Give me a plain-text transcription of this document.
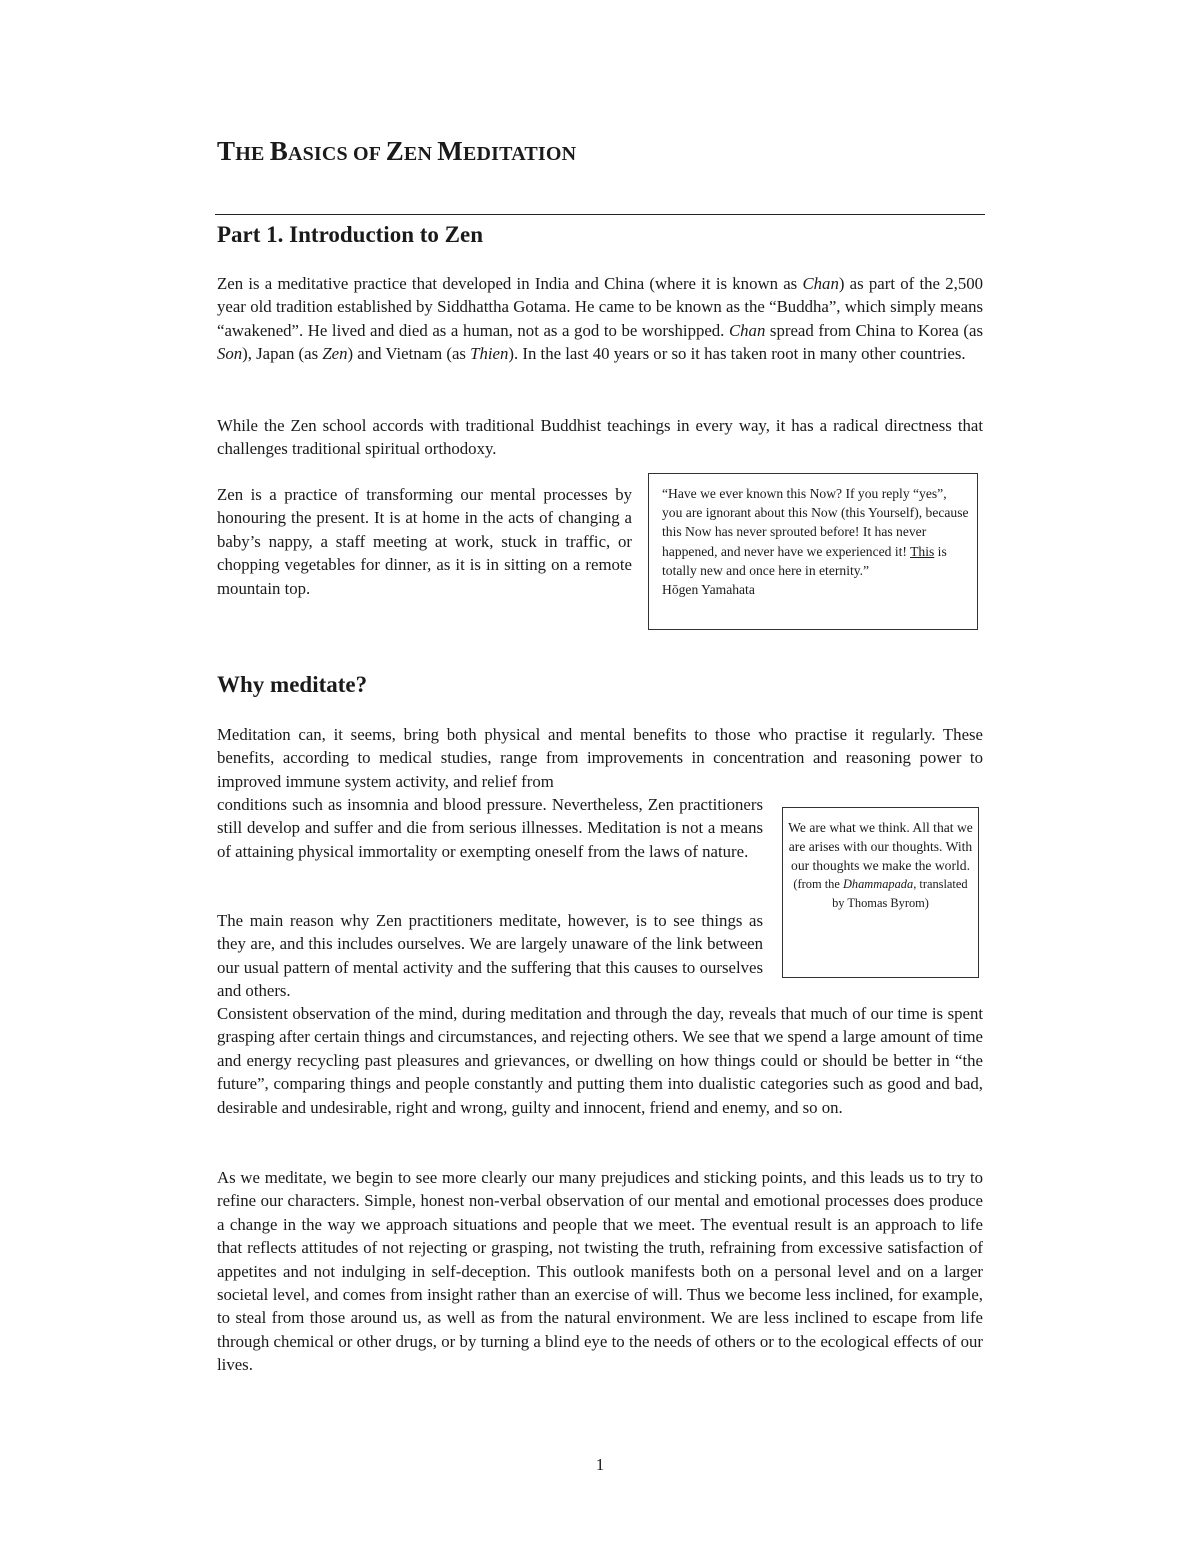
THE BASICS OF ZEN MEDITATION
Part 1. Introduction to Zen

Zen is a meditative practice that developed in India and China (where it is known as Chan) as part of the 2,500 year old tradition established by Siddhattha Gotama. He came to be known as the “Buddha”, which simply means “awakened”. He lived and died as a human, not as a god to be worshipped. Chan spread from China to Korea (as Son), Japan (as Zen) and Vietnam (as Thien). In the last 40 years or so it has taken root in many other countries.

While the Zen school accords with traditional Buddhist teachings in every way, it has a radical directness that challenges traditional spiritual orthodoxy.

Zen is a practice of transforming our mental processes by honouring the present. It is at home in the acts of changing a baby’s nappy, a staff meeting at work, stuck in traffic, or chopping vegetables for dinner, as it is in sitting on a remote mountain top.

“Have we ever known this Now? If you reply “yes”, you are ignorant about this Now (this Yourself), because this Now has never sprouted before! It has never happened, and never have we experienced it! This is totally new and once here in eternity.”
Hōgen Yamahata
Why meditate?

Meditation can, it seems, bring both physical and mental benefits to those who practise it regularly. These benefits, according to medical studies, range from improvements in concentration and reasoning power to improved immune system activity, and relief from

conditions such as insomnia and blood pressure. Nevertheless, Zen practitioners still develop and suffer and die from serious illnesses. Meditation is not a means of attaining physical immortality or exempting oneself from the laws of nature.

We are what we think. All that we are arises with our thoughts. With our thoughts we make the world.
(from the Dhammapada, translated by Thomas Byrom)

The main reason why Zen practitioners meditate, however, is to see things as they are, and this includes ourselves. We are largely unaware of the link between our usual pattern of mental activity and the suffering that this causes to ourselves and others.

Consistent observation of the mind, during meditation and through the day, reveals that much of our time is spent grasping after certain things and circumstances, and rejecting others. We see that we spend a large amount of time and energy recycling past pleasures and grievances, or dwelling on how things could or should be better in “the future”, comparing things and people constantly and putting them into dualistic categories such as good and bad, desirable and undesirable, right and wrong, guilty and innocent, friend and enemy, and so on.

As we meditate, we begin to see more clearly our many prejudices and sticking points, and this leads us to try to refine our characters. Simple, honest non-verbal observation of our mental and emotional processes does produce a change in the way we approach situations and people that we meet. The eventual result is an approach to life that reflects attitudes of not rejecting or grasping, not twisting the truth, refraining from excessive satisfaction of appetites and not indulging in self-deception. This outlook manifests both on a personal level and on a larger societal level, and comes from insight rather than an exercise of will. Thus we become less inclined, for example, to steal from those around us, as well as from the natural environment. We are less inclined to escape from life through chemical or other drugs, or by turning a blind eye to the needs of others or to the ecological effects of our lives.

1
